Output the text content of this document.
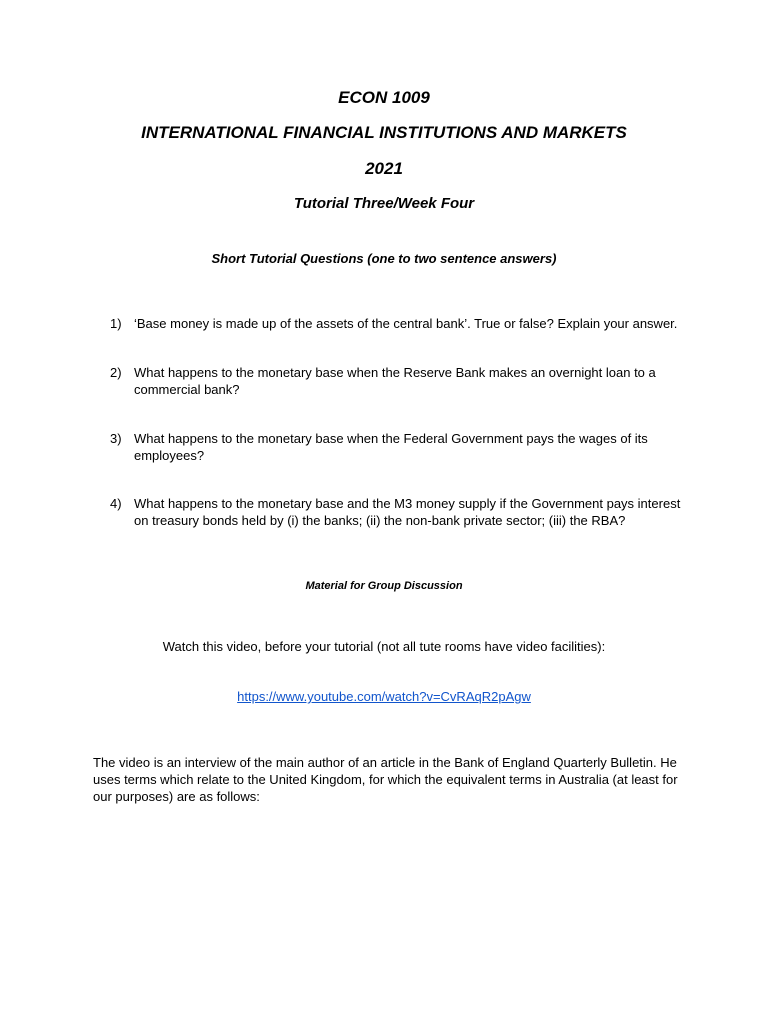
ECON 1009
INTERNATIONAL FINANCIAL INSTITUTIONS AND MARKETS
2021
Tutorial Three/Week Four
Short Tutorial Questions (one to two sentence answers)
1) ‘Base money is made up of the assets of the central bank’. True or false? Explain your answer.
2) What happens to the monetary base when the Reserve Bank makes an overnight loan to a commercial bank?
3) What happens to the monetary base when the Federal Government pays the wages of its employees?
4) What happens to the monetary base and the M3 money supply if the Government pays interest on treasury bonds held by (i) the banks; (ii) the non-bank private sector; (iii) the RBA?
Material for Group Discussion
Watch this video, before your tutorial (not all tute rooms have video facilities):
https://www.youtube.com/watch?v=CvRAqR2pAgw
The video is an interview of the main author of an article in the Bank of England Quarterly Bulletin. He uses terms which relate to the United Kingdom, for which the equivalent terms in Australia (at least for our purposes) are as follows:
